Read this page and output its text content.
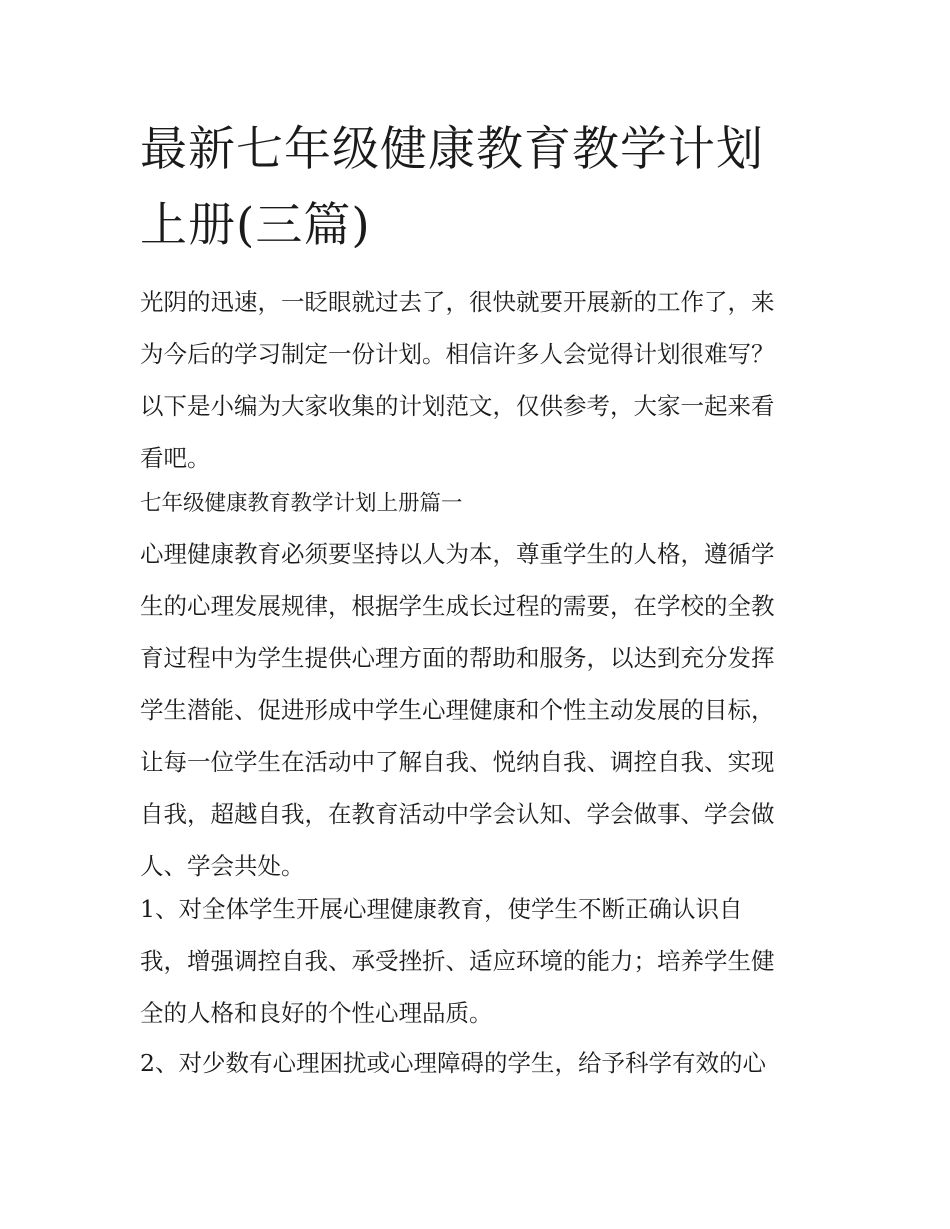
最新七年级健康教育教学计划
上册(三篇)

光阴的迅速，一眨眼就过去了，很快就要开展新的工作了，来
为今后的学习制定一份计划。相信许多人会觉得计划很难写？
以下是小编为大家收集的计划范文，仅供参考，大家一起来看
看吧。

七年级健康教育教学计划上册篇一

心理健康教育必须要坚持以人为本，尊重学生的人格，遵循学
生的心理发展规律，根据学生成长过程的需要，在学校的全教
育过程中为学生提供心理方面的帮助和服务，以达到充分发挥
学生潜能、促进形成中学生心理健康和个性主动发展的目标，
让每一位学生在活动中了解自我、悦纳自我、调控自我、实现
自我，超越自我，在教育活动中学会认知、学会做事、学会做
人、学会共处。

1、对全体学生开展心理健康教育，使学生不断正确认识自
我，增强调控自我、承受挫折、适应环境的能力；培养学生健
全的人格和良好的个性心理品质。

2、对少数有心理困扰或心理障碍的学生，给予科学有效的心
